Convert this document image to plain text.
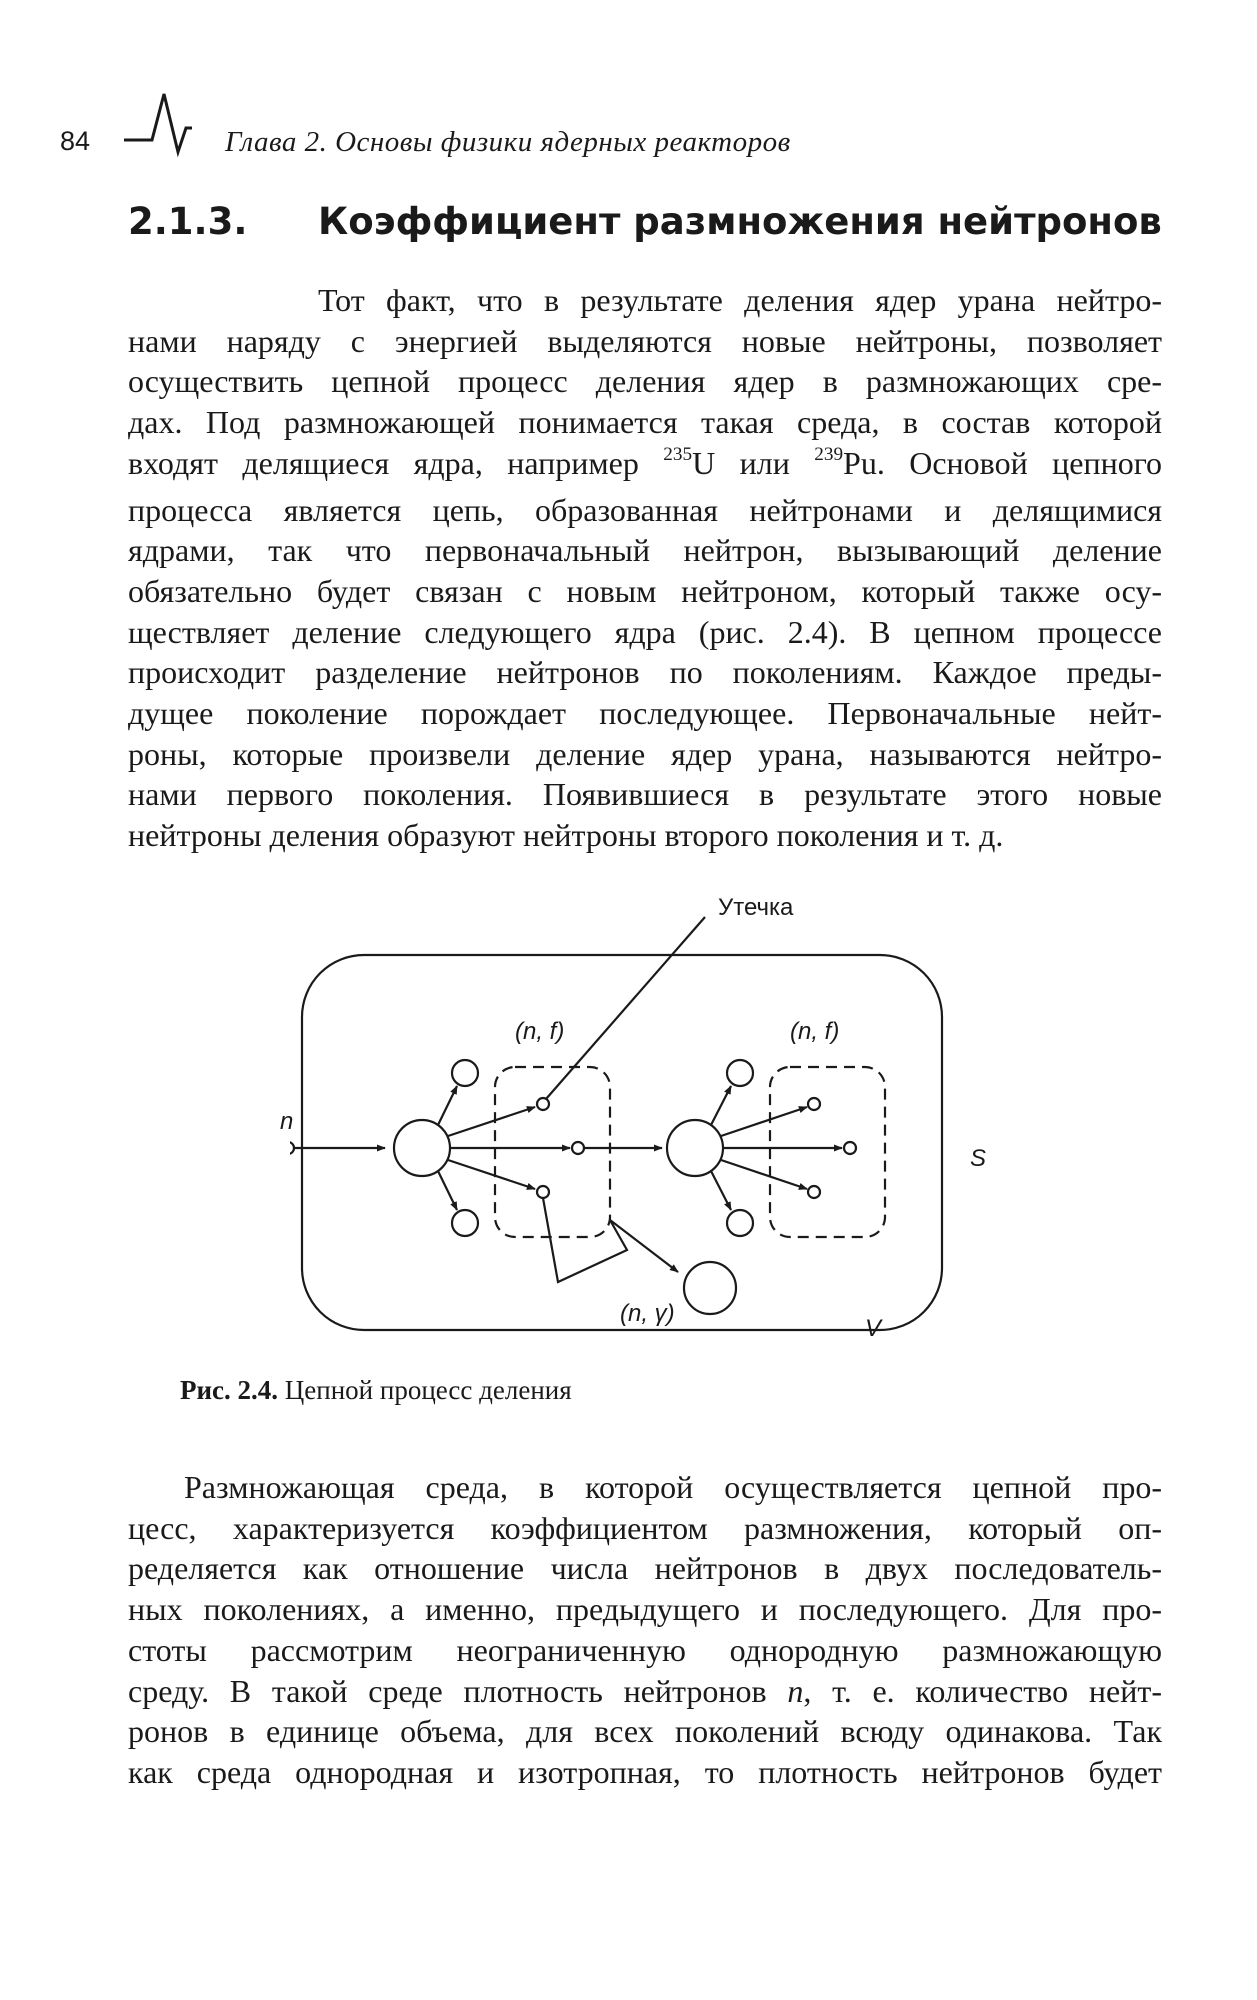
84	Глава 2. Основы физики ядерных реакторов
2.1.3. Коэффициент размножения нейтронов
Тот факт, что в результате деления ядер урана нейтро-
нами наряду с энергией выделяются новые нейтроны, позволяет
осуществить цепной процесс деления ядер в размножающих сре-
дах. Под размножающей понимается такая среда, в состав которой
входят делящиеся ядра, например $^{235}$U или $^{239}$Pu. Основой цепного
процесса является цепь, образованная нейтронами и делящимися
ядрами, так что первоначальный нейтрон, вызывающий деление
обязательно будет связан с новым нейтроном, который также осу-
ществляет деление следующего ядра (рис. 2.4). В цепном процессе
происходит разделение нейтронов по поколениям. Каждое преды-
дущее поколение порождает последующее. Первоначальные нейт-
роны, которые произвели деление ядер урана, называются нейтро-
нами первого поколения. Появившиеся в результате этого новые
нейтроны деления образуют нейтроны второго поколения и т. д.
Утечка
(n, f)	(n, f)
n
(n, γ)
S
V
Рис. 2.4. Цепной процесс деления
Размножающая среда, в которой осуществляется цепной про-
цесс, характеризуется коэффициентом размножения, который оп-
ределяется как отношение числа нейтронов в двух последователь-
ных поколениях, а именно, предыдущего и последующего. Для про-
стоты рассмотрим неограниченную однородную размножающую
среду. В такой среде плотность нейтронов n, т. е. количество нейт-
ронов в единице объема, для всех поколений всюду одинакова. Так
как среда однородная и изотропная, то плотность нейтронов будет
